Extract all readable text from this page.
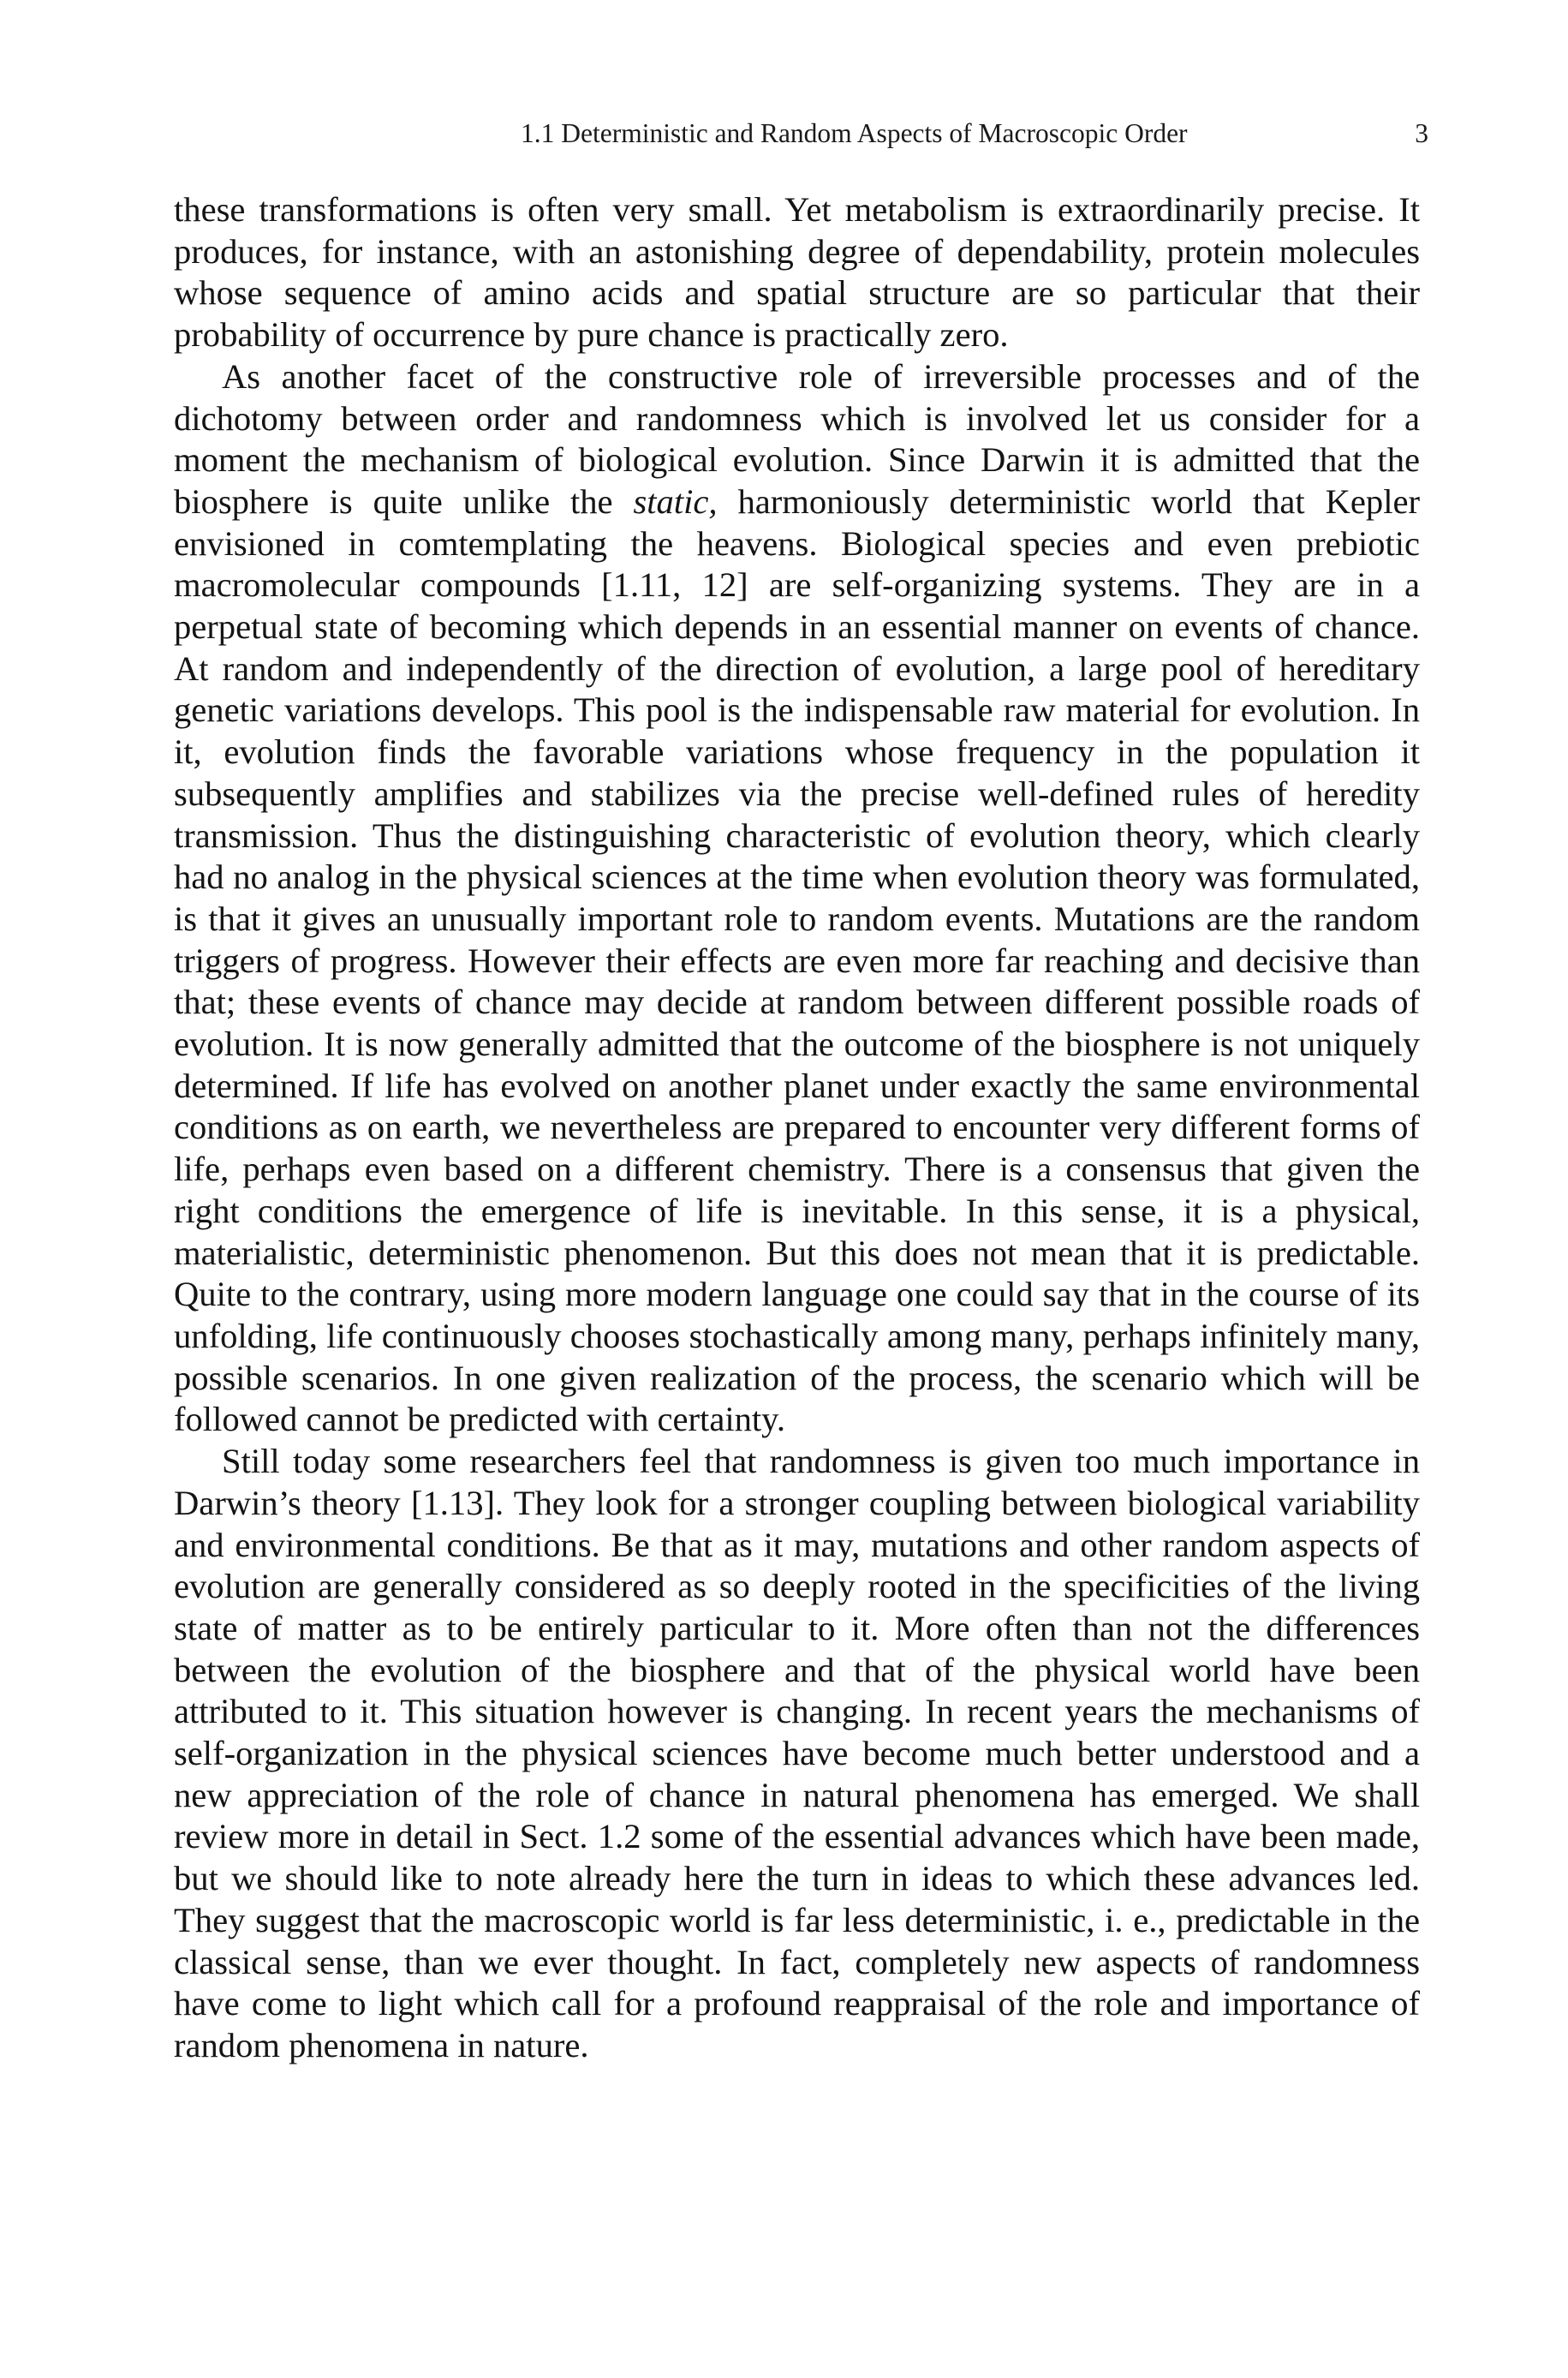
1.1 Deterministic and Random Aspects of Macroscopic Order	3

these transformations is often very small. Yet metabolism is extraordinarily precise. It produces, for instance, with an astonishing degree of dependability, protein molecules whose sequence of amino acids and spatial structure are so particular that their probability of occurrence by pure chance is practically zero.

As another facet of the constructive role of irreversible processes and of the dichotomy between order and randomness which is involved let us consider for a moment the mechanism of biological evolution. Since Darwin it is admitted that the biosphere is quite unlike the static, harmoniously deterministic world that Kepler envisioned in comtemplating the heavens. Biological species and even prebiotic macromolecular compounds [1.11, 12] are self-organizing systems. They are in a perpetual state of becoming which depends in an essential manner on events of chance. At random and independently of the direction of evolution, a large pool of hereditary genetic variations develops. This pool is the indispensable raw material for evolution. In it, evolution finds the favorable variations whose frequency in the population it subsequently amplifies and stabilizes via the precise well-defined rules of heredity transmission. Thus the distinguishing characteristic of evolution theory, which clearly had no analog in the physical sciences at the time when evolution theory was formulated, is that it gives an unusually important role to random events. Mutations are the random triggers of progress. However their effects are even more far reaching and decisive than that; these events of chance may decide at random between different possible roads of evolution. It is now generally admitted that the outcome of the biosphere is not uniquely determined. If life has evolved on another planet under exactly the same environmental conditions as on earth, we nevertheless are prepared to encounter very different forms of life, perhaps even based on a different chemistry. There is a consensus that given the right conditions the emergence of life is inevitable. In this sense, it is a physical, materialistic, deterministic phenomenon. But this does not mean that it is predictable. Quite to the contrary, using more modern language one could say that in the course of its unfolding, life continuously chooses stochastically among many, perhaps infinitely many, possible scenarios. In one given realization of the process, the scenario which will be followed cannot be predicted with certainty.

Still today some researchers feel that randomness is given too much importance in Darwin’s theory [1.13]. They look for a stronger coupling between biological variability and environmental conditions. Be that as it may, mutations and other random aspects of evolution are generally considered as so deeply rooted in the specificities of the living state of matter as to be entirely particular to it. More often than not the differences between the evolution of the biosphere and that of the physical world have been attributed to it. This situation however is changing. In recent years the mechanisms of self-organization in the physical sciences have become much better understood and a new appreciation of the role of chance in natural phenomena has emerged. We shall review more in detail in Sect. 1.2 some of the essential advances which have been made, but we should like to note already here the turn in ideas to which these advances led. They suggest that the macroscopic world is far less deterministic, i. e., predictable in the classical sense, than we ever thought. In fact, completely new aspects of randomness have come to light which call for a profound reappraisal of the role and importance of random phenomena in nature.
